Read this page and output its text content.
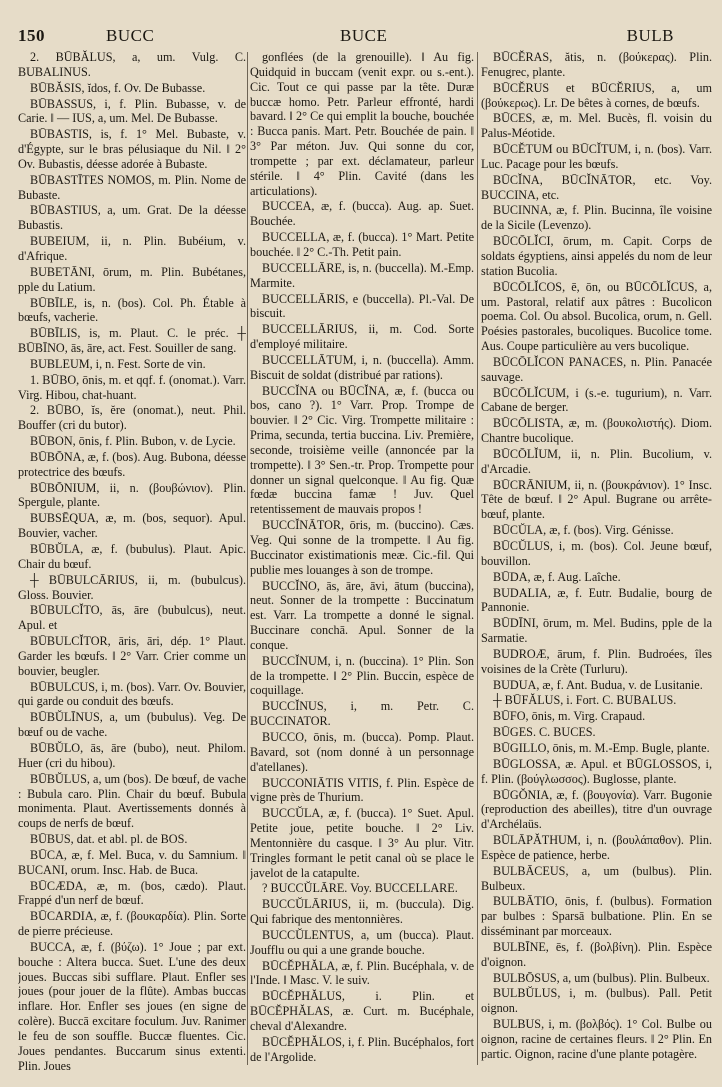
150	BUCC	BUCE	BULB
2. BŪBĂLUS, a, um. Vulg. C. BUBALINUS.
BŪBĂSIS, ĭdos, f. Ov. De Bubasse.
BŪBASSUS, i, f. Plin. Bubasse, v. de Carie. ‖ — IUS, a, um. Mel. De Bubasse.
BŪBASTIS, is, f. 1° Mel. Bubaste, v. d'Égypte, sur le bras pélusiaque du Nil. ‖ 2° Ov. Bubastis, déesse adorée à Bubaste.
BŪBASTĪTES NOMOS, m. Plin. Nome de Bubaste.
BŪBASTIUS, a, um. Grat. De la déesse Bubastis.
BUBEIUM, ii, n. Plin. Bubéium, v. d'Afrique.
BUBETĀNI, ōrum, m. Plin. Bubétanes, pple du Latium.
BŪBĪLE, is, n. (bos). Col. Ph. Étable à bœufs, vacherie.
BŪBĪLIS, is, m. Plaut. C. le préc. ┼ BŪBĪNO, ās, āre, act. Fest. Souiller de sang.
BUBLEUM, i, n. Fest. Sorte de vin.
1. BŪBO, ōnis, m. et qqf. f. (onomat.). Varr. Virg. Hibou, chat-huant.
2. BŪBO, ĭs, ĕre (onomat.), neut. Phil. Bouffer (cri du butor).
BŪBON, ōnis, f. Plin. Bubon, v. de Lycie.
BŪBŌNA, æ, f. (bos). Aug. Bubona, déesse protectrice des bœufs.
BŪBŌNIUM, ii, n. (βουβώνιον). Plin. Spergule, plante.
BUBSĒQUA, æ, m. (bos, sequor). Apul. Bouvier, vacher.
BŪBŬLA, æ, f. (bubulus). Plaut. Apic. Chair du bœuf.
┼ BŪBULCĀRIUS, ii, m. (bubulcus). Gloss. Bouvier.
BŪBULCĬTO, ās, āre (bubulcus), neut. Apul. et
BŪBULCĬTOR, āris, āri, dép. 1° Plaut. Garder les bœufs. ‖ 2° Varr. Crier comme un bouvier, beugler.
BŪBULCUS, i, m. (bos). Varr. Ov. Bouvier, qui garde ou conduit des bœufs.
BŪBŬLĪNUS, a, um (bubulus). Veg. De bœuf ou de vache.
BŪBŬLO, ās, āre (bubo), neut. Philom. Huer (cri du hibou).
BŪBŬLUS, a, um (bos). De bœuf, de vache : Bubula caro. Plin. Chair du bœuf. Bubula monimenta. Plaut. Avertissements donnés à coups de nerfs de bœuf.
BŪBUS, dat. et abl. pl. de BOS.
BŪCA, æ, f. Mel. Buca, v. du Samnium. ‖ BUCANI, orum. Insc. Hab. de Buca.
BŪCÆDA, æ, m. (bos, cædo). Plaut. Frappé d'un nerf de bœuf.
BŪCARDIA, æ, f. (βουκαρδία). Plin. Sorte de pierre précieuse.
BUCCA, æ, f. (βύζω). 1° Joue ; par ext. bouche : Altera bucca. Suet. L'une des deux joues. Buccas sibi sufflare. Plaut. Enfler ses joues (pour jouer de la flûte). Ambas buccas inflare. Hor. Enfler ses joues (en signe de colère). Buccā excitare foculum. Juv. Ranimer le feu de son souffle. Buccæ fluentes. Cic. Joues pendantes. Buccarum sinus extenti. Plin. Joues
gonflées (de la grenouille). ‖ Au fig. Quidquid in buccam (venit expr. ou s.-ent.). Cic. Tout ce qui passe par la tête. Duræ buccæ homo. Petr. Parleur effronté, hardi bavard. ‖ 2° Ce qui emplit la bouche, bouchée : Bucca panis. Mart. Petr. Bouchée de pain. ‖ 3° Par méton. Juv. Qui sonne du cor, trompette ; par ext. déclamateur, parleur stérile. ‖ 4° Plin. Cavité (dans les articulations).
BUCCEA, æ, f. (bucca). Aug. ap. Suet. Bouchée.
BUCCELLA, æ, f. (bucca). 1° Mart. Petite bouchée. ‖ 2° C.-Th. Petit pain.
BUCCELLĀRE, is, n. (buccella). M.-Emp. Marmite.
BUCCELLĀRIS, e (buccella). Pl.-Val. De biscuit.
BUCCELLĀRIUS, ii, m. Cod. Sorte d'employé militaire.
BUCCELLĀTUM, i, n. (buccella). Amm. Biscuit de soldat (distribué par rations).
BUCCĬNA ou BŪCĬNA, æ, f. (bucca ou bos, cano ?). 1° Varr. Prop. Trompe de bouvier. ‖ 2° Cic. Virg. Trompette militaire : Prima, secunda, tertia buccina. Liv. Première, seconde, troisième veille (annoncée par la trompette). ‖ 3° Sen.-tr. Prop. Trompette pour donner un signal quelconque. ‖ Au fig. Quæ fœdæ buccina famæ ! Juv. Quel retentissement de mauvais propos !
BUCCĬNĀTOR, ōris, m. (buccino). Cæs. Veg. Qui sonne de la trompette. ‖ Au fig. Buccinator existimationis meæ. Cic.-fil. Qui publie mes louanges à son de trompe.
BUCCĬNO, ās, āre, āvi, ātum (buccina), neut. Sonner de la trompette : Buccinatum est. Varr. La trompette a donné le signal. Buccinare conchā. Apul. Sonner de la conque.
BUCCĬNUM, i, n. (buccina). 1° Plin. Son de la trompette. ‖ 2° Plin. Buccin, espèce de coquillage.
BUCCĬNUS, i, m. Petr. C. BUCCINATOR.
BUCCO, ōnis, m. (bucca). Pomp. Plaut. Bavard, sot (nom donné à un personnage d'atellanes).
BUCCONIĀTIS VITIS, f. Plin. Espèce de vigne près de Thurium.
BUCCŬLA, æ, f. (bucca). 1° Suet. Apul. Petite joue, petite bouche. ‖ 2° Liv. Mentonnière du casque. ‖ 3° Au plur. Vitr. Tringles formant le petit canal où se place le javelot de la catapulte.
? BUCCŬLĀRE. Voy. BUCCELLARE.
BUCCŬLĀRIUS, ii, m. (buccula). Dig. Qui fabrique des mentonnières.
BUCCŬLENTUS, a, um (bucca). Plaut. Joufflu ou qui a une grande bouche.
BŪCĔPHĂLA, æ, f. Plin. Bucéphala, v. de l'Inde. ‖ Masc. V. le suiv.
BŪCĔPHĂLUS, i. Plin. et BŪCĔPHĂLAS, æ. Curt. m. Bucéphale, cheval d'Alexandre.
BŪCĔPHĂLOS, i, f. Plin. Bucéphalos, fort de l'Argolide.
BŪCĔRAS, ătis, n. (βούκερας). Plin. Fenugrec, plante.
BŪCĔRUS et BŪCĔRIUS, a, um (βούκερως). Lr. De bêtes à cornes, de bœufs.
BŪCES, æ, m. Mel. Bucès, fl. voisin du Palus-Méotide.
BŪCĔTUM ou BŪCĬTUM, i, n. (bos). Varr. Luc. Pacage pour les bœufs.
BŪCĬNA, BŪCĬNĀTOR, etc. Voy. BUCCINA, etc.
BUCINNA, æ, f. Plin. Bucinna, île voisine de la Sicile (Levenzo).
BŪCŌLĬCI, ōrum, m. Capit. Corps de soldats égyptiens, ainsi appelés du nom de leur station Bucolia.
BŪCŌLĬCOS, ē, ōn, ou BŪCŌLĬCUS, a, um. Pastoral, relatif aux pâtres : Bucolicon poema. Col. Ou absol. Bucolica, orum, n. Gell. Poésies pastorales, bucoliques. Bucolice tome. Aus. Coupe particulière au vers bucolique.
BŪCŌLĬCON PANACES, n. Plin. Panacée sauvage.
BŪCŌLĬCUM, i (s.-e. tugurium), n. Varr. Cabane de berger.
BŪCŌLISTA, æ, m. (βουκολιστής). Diom. Chantre bucolique.
BŪCŌLĬUM, ii, n. Plin. Bucolium, v. d'Arcadie.
BŪCRĀNIUM, ii, n. (βουκράνιον). 1° Insc. Tête de bœuf. ‖ 2° Apul. Bugrane ou arrête-bœuf, plante.
BŪCŬLA, æ, f. (bos). Virg. Génisse.
BŪCŬLUS, i, m. (bos). Col. Jeune bœuf, bouvillon.
BŪDA, æ, f. Aug. Laîche.
BUDALIA, æ, f. Eutr. Budalie, bourg de Pannonie.
BŪDĪNI, ōrum, m. Mel. Budins, pple de la Sarmatie.
BUDROÆ, ārum, f. Plin. Budroées, îles voisines de la Crète (Turluru).
BUDUA, æ, f. Ant. Budua, v. de Lusitanie.
┼ BŪFĂLUS, i. Fort. C. BUBALUS.
BŪFO, ōnis, m. Virg. Crapaud.
BŪGES. C. BUCES.
BŪGILLO, ōnis, m. M.-Emp. Bugle, plante.
BŪGLOSSA, æ. Apul. et BŪGLOSSOS, i, f. Plin. (βούγλωσσος). Buglosse, plante.
BŪGŎNIA, æ, f. (βουγονία). Varr. Bugonie (reproduction des abeilles), titre d'un ouvrage d'Archélaüs.
BŪLĀPĂTHUM, i, n. (βουλάπαθον). Plin. Espèce de patience, herbe.
BULBĀCEUS, a, um (bulbus). Plin. Bulbeux.
BULBĀTIO, ōnis, f. (bulbus). Formation par bulbes : Sparsā bulbatione. Plin. En se disséminant par morceaux.
BULBĪNE, ēs, f. (βολβίνη). Plin. Espèce d'oignon.
BULBŌSUS, a, um (bulbus). Plin. Bulbeux.
BULBŬLUS, i, m. (bulbus). Pall. Petit oignon.
BULBUS, i, m. (βολβός). 1° Col. Bulbe ou oignon, racine de certaines fleurs. ‖ 2° Plin. En partic. Oignon, racine d'une plante potagère.
